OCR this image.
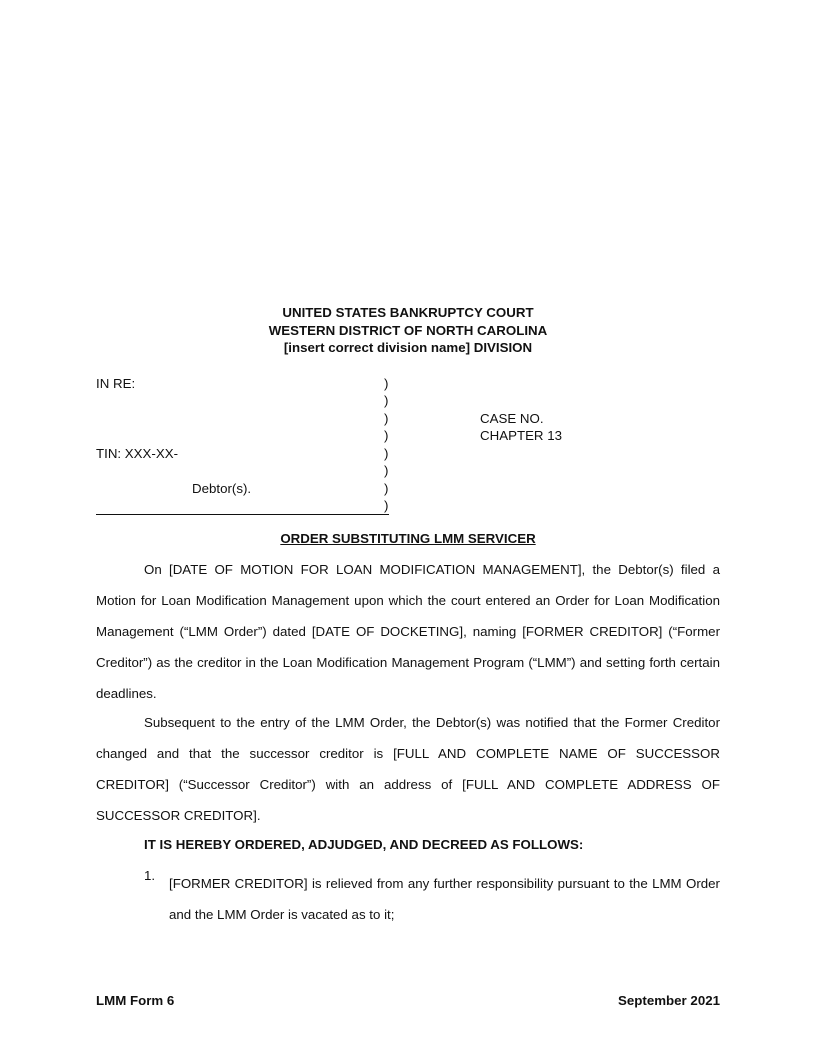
UNITED STATES BANKRUPTCY COURT
WESTERN DISTRICT OF NORTH CAROLINA
[insert correct division name] DIVISION
IN RE:
TIN: XXX-XX-
Debtor(s).
)
)
)
)
)
)
)
)
CASE NO.
CHAPTER 13
ORDER SUBSTITUTING LMM SERVICER
On [DATE OF MOTION FOR LOAN MODIFICATION MANAGEMENT], the Debtor(s) filed a Motion for Loan Modification Management upon which the court entered an Order for Loan Modification Management (“LMM Order”) dated [DATE OF DOCKETING], naming [FORMER CREDITOR] (“Former Creditor”) as the creditor in the Loan Modification Management Program (“LMM”) and setting forth certain deadlines.
Subsequent to the entry of the LMM Order, the Debtor(s) was notified that the Former Creditor changed and that the successor creditor is [FULL AND COMPLETE NAME OF SUCCESSOR CREDITOR] (“Successor Creditor”) with an address of [FULL AND COMPLETE ADDRESS OF SUCCESSOR CREDITOR].
IT IS HEREBY ORDERED, ADJUDGED, AND DECREED AS FOLLOWS:
1.
[FORMER CREDITOR] is relieved from any further responsibility pursuant to the LMM Order and the LMM Order is vacated as to it;
LMM Form 6	September 2021
